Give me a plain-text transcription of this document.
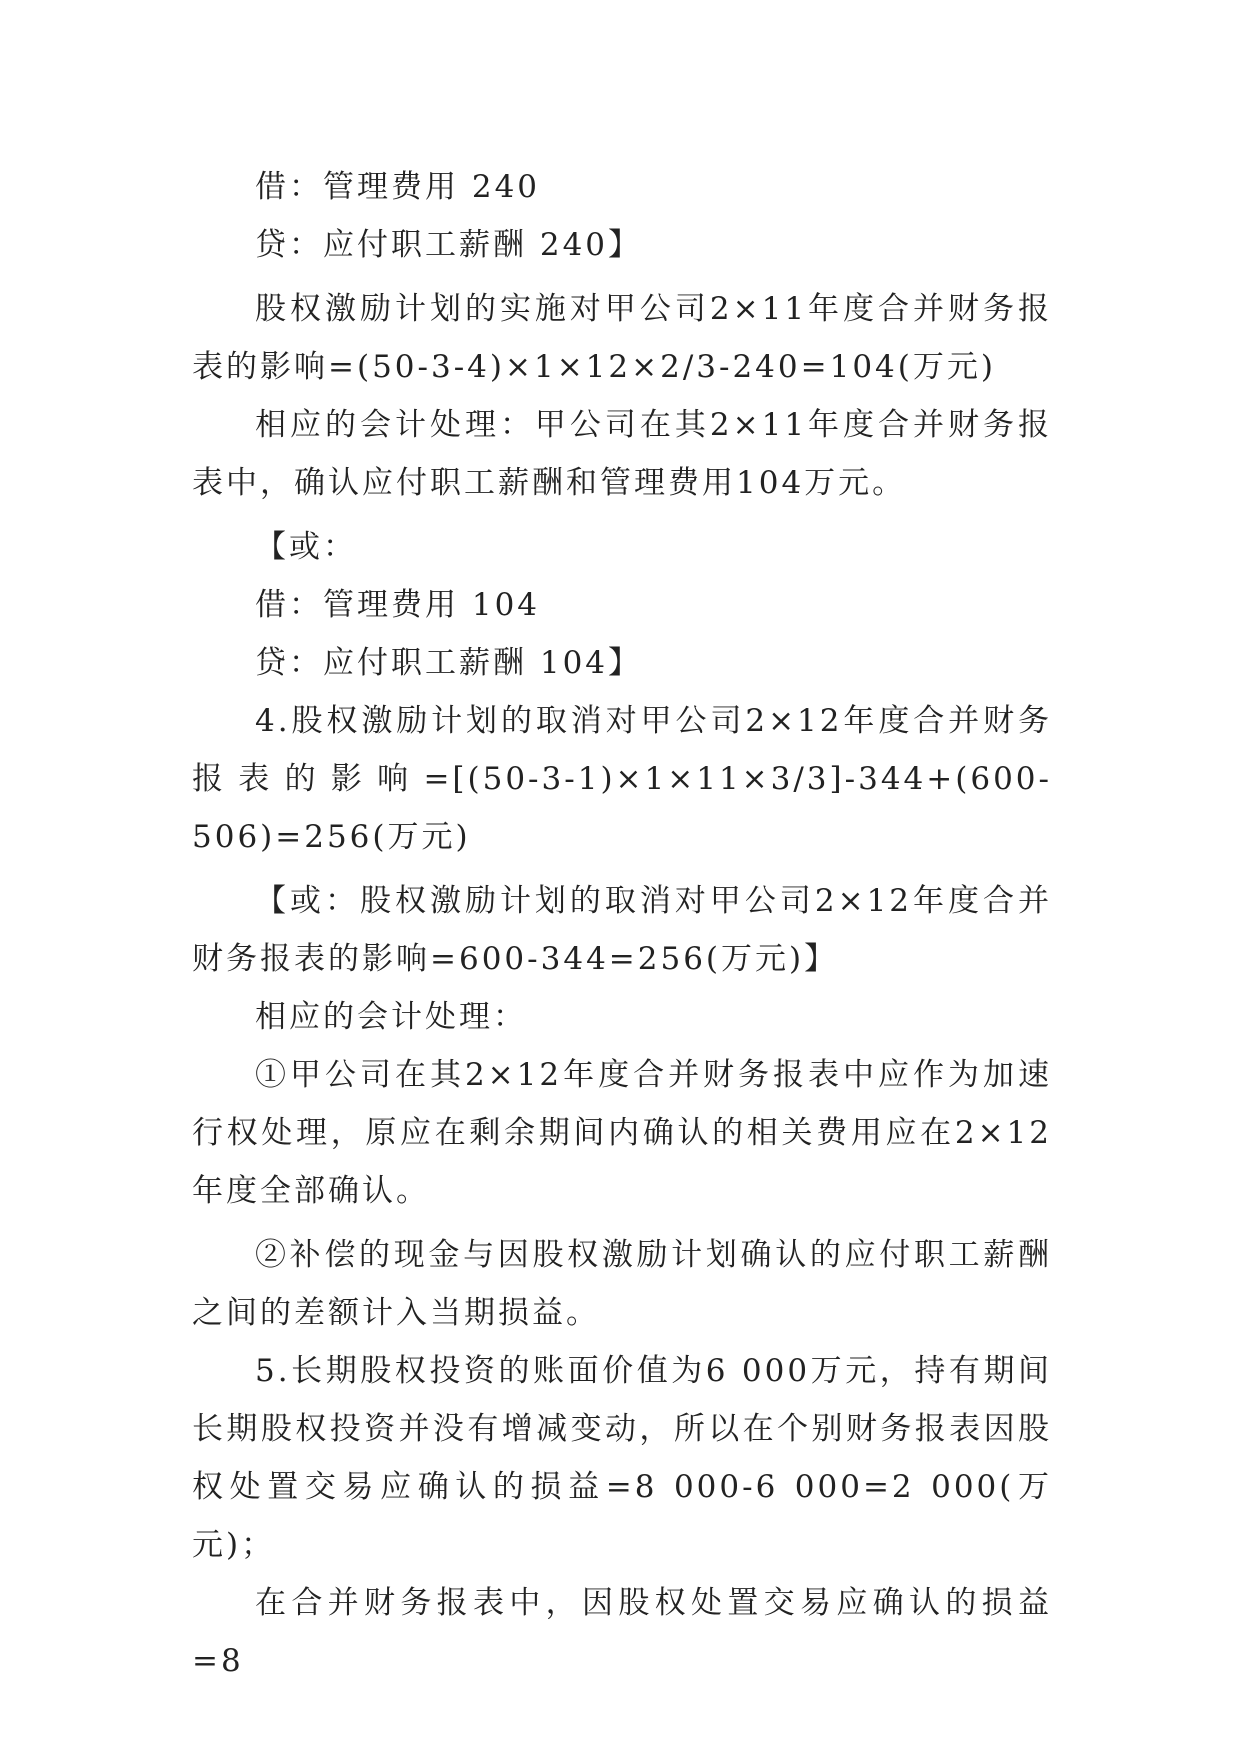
借：管理费用 240

贷：应付职工薪酬 240】

股权激励计划的实施对甲公司2×11年度合并财务报表的影响=(50-3-4)×1×12×2/3-240=104(万元)

相应的会计处理：甲公司在其2×11年度合并财务报表中，确认应付职工薪酬和管理费用104万元。

【或：

借：管理费用 104

贷：应付职工薪酬 104】

4.股权激励计划的取消对甲公司2×12年度合并财务报表的影响=[(50-3-1)×1×11×3/3]-344+(600-506)=256(万元)

【或：股权激励计划的取消对甲公司2×12年度合并财务报表的影响=600-344=256(万元)】

相应的会计处理：

①甲公司在其2×12年度合并财务报表中应作为加速行权处理，原应在剩余期间内确认的相关费用应在2×12年度全部确认。

②补偿的现金与因股权激励计划确认的应付职工薪酬之间的差额计入当期损益。

5.长期股权投资的账面价值为6 000万元，持有期间长期股权投资并没有增减变动，所以在个别财务报表因股权处置交易应确认的损益=8 000-6 000=2 000(万元)；

在合并财务报表中，因股权处置交易应确认的损益=8
